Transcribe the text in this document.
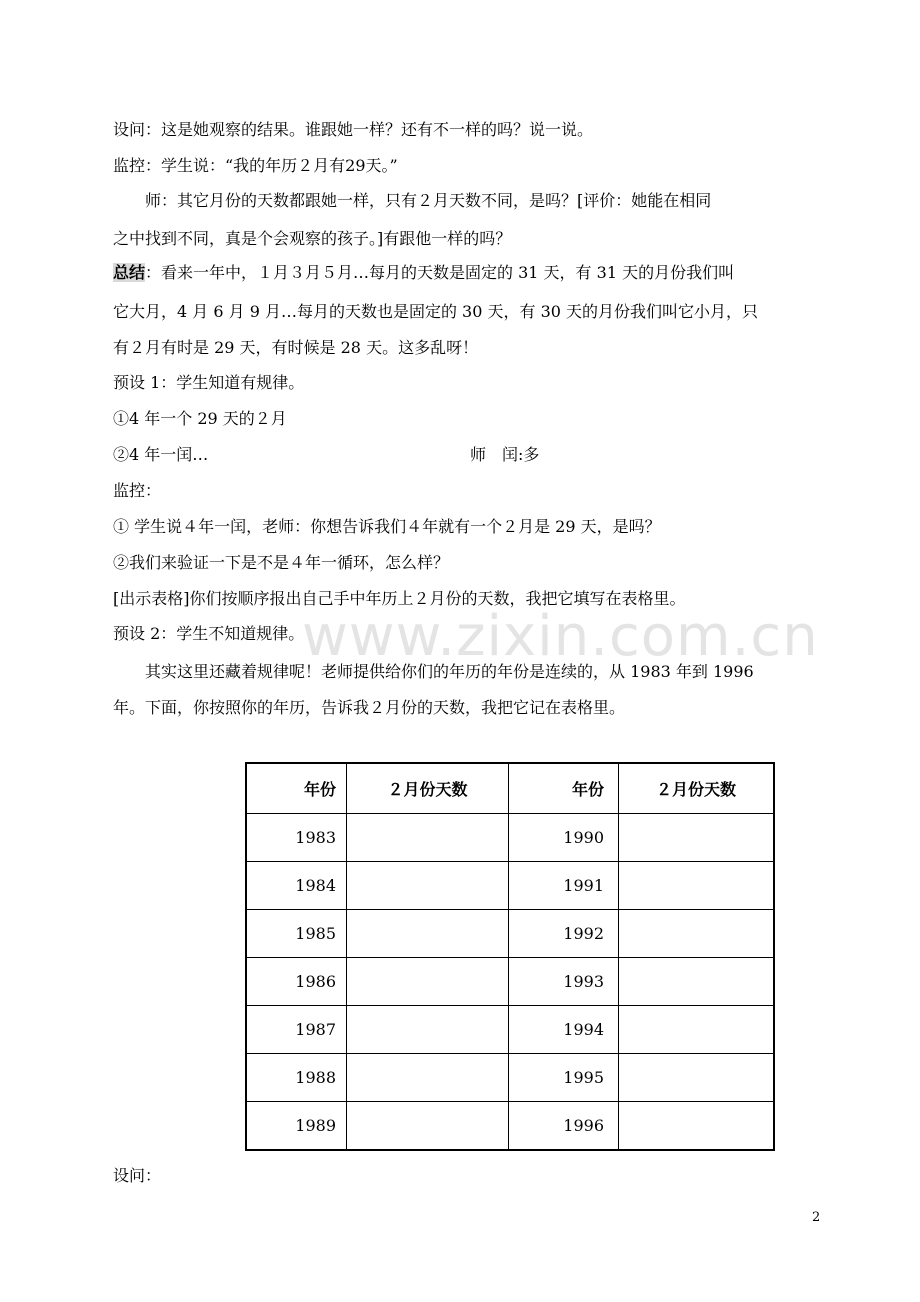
www.zixin.com.cn
设问：这是她观察的结果。谁跟她一样？还有不一样的吗？说一说。
监控：学生说：“我的年历２月有29天。”
　　师：其它月份的天数都跟她一样，只有２月天数不同，是吗？[评价：她能在相同
之中找到不同，真是个会观察的孩子。]有跟他一样的吗？
总结：看来一年中，１月３月５月…每月的天数是固定的 31 天，有 31 天的月份我们叫
它大月，4 月 6 月 9 月…每月的天数也是固定的 30 天，有 30 天的月份我们叫它小月，只
有２月有时是 29 天，有时候是 28 天。这多乱呀！
预设 1：学生知道有规律。
①4 年一个 29 天的２月
②4 年一闰…	师　闰:多
监控：
① 学生说４年一闰，老师：你想告诉我们４年就有一个２月是 29 天，是吗？
②我们来验证一下是不是４年一循环，怎么样？
[出示表格]你们按顺序报出自己手中年历上２月份的天数，我把它填写在表格里。
预设 2：学生不知道规律。
　　其实这里还藏着规律呢！老师提供给你们的年历的年份是连续的，从 1983 年到 1996
年。下面，你按照你的年历，告诉我２月份的天数，我把它记在表格里。
年份	２月份天数	年份	２月份天数
1983		1990	
1984		1991	
1985		1992	
1986		1993	
1987		1994	
1988		1995	
1989		1996	
设问：
2
